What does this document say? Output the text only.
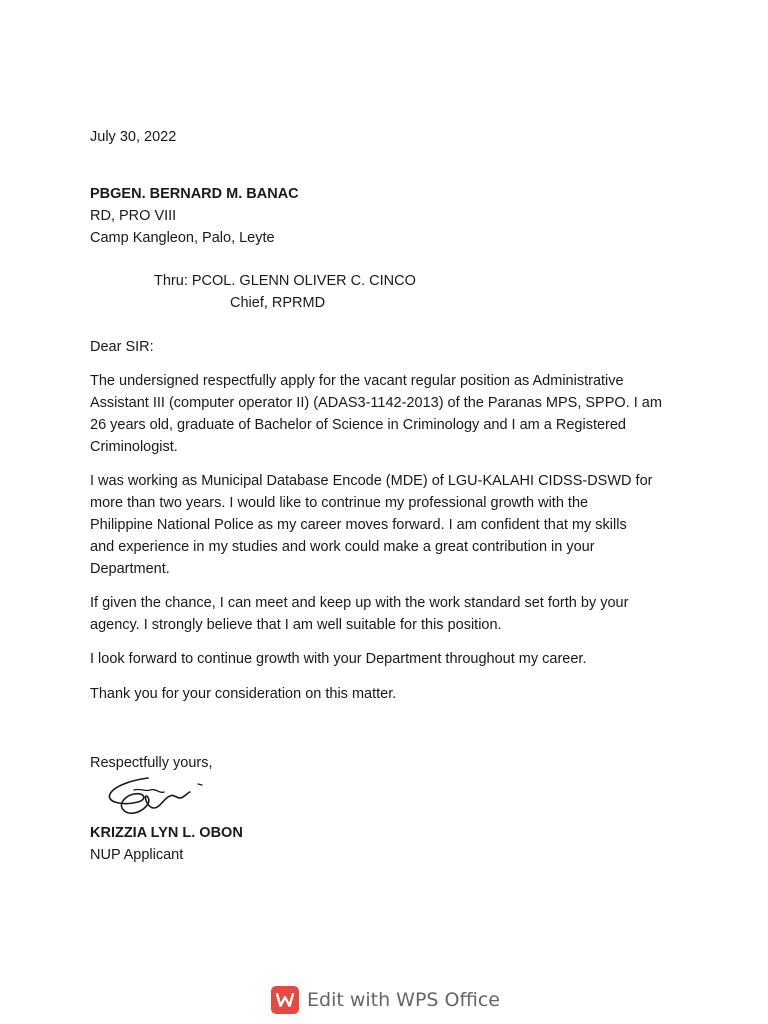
July 30, 2022
PBGEN. BERNARD M. BANAC
RD, PRO VIII
Camp Kangleon, Palo, Leyte
Thru: PCOL. GLENN OLIVER C. CINCO
Chief, RPRMD
Dear SIR:
The undersigned respectfully apply for the vacant regular position as Administrative
Assistant III (computer operator II) (ADAS3-1142-2013) of the Paranas MPS, SPPO. I am
26 years old, graduate of Bachelor of Science in Criminology and I am a Registered
Criminologist.
I was working as Municipal Database Encode (MDE) of LGU-KALAHI CIDSS-DSWD for
more than two years. I would like to contrinue my professional growth with the
Philippine National Police as my career moves forward. I am confident that my skills
and experience in my studies and work could make a great contribution in your
Department.
If given the chance, I can meet and keep up with the work standard set forth by your
agency. I strongly believe that I am well suitable for this position.
I look forward to continue growth with your Department throughout my career.
Thank you for your consideration on this matter.
Respectfully yours,
KRIZZIA LYN L. OBON
NUP Applicant
Edit with WPS Office
